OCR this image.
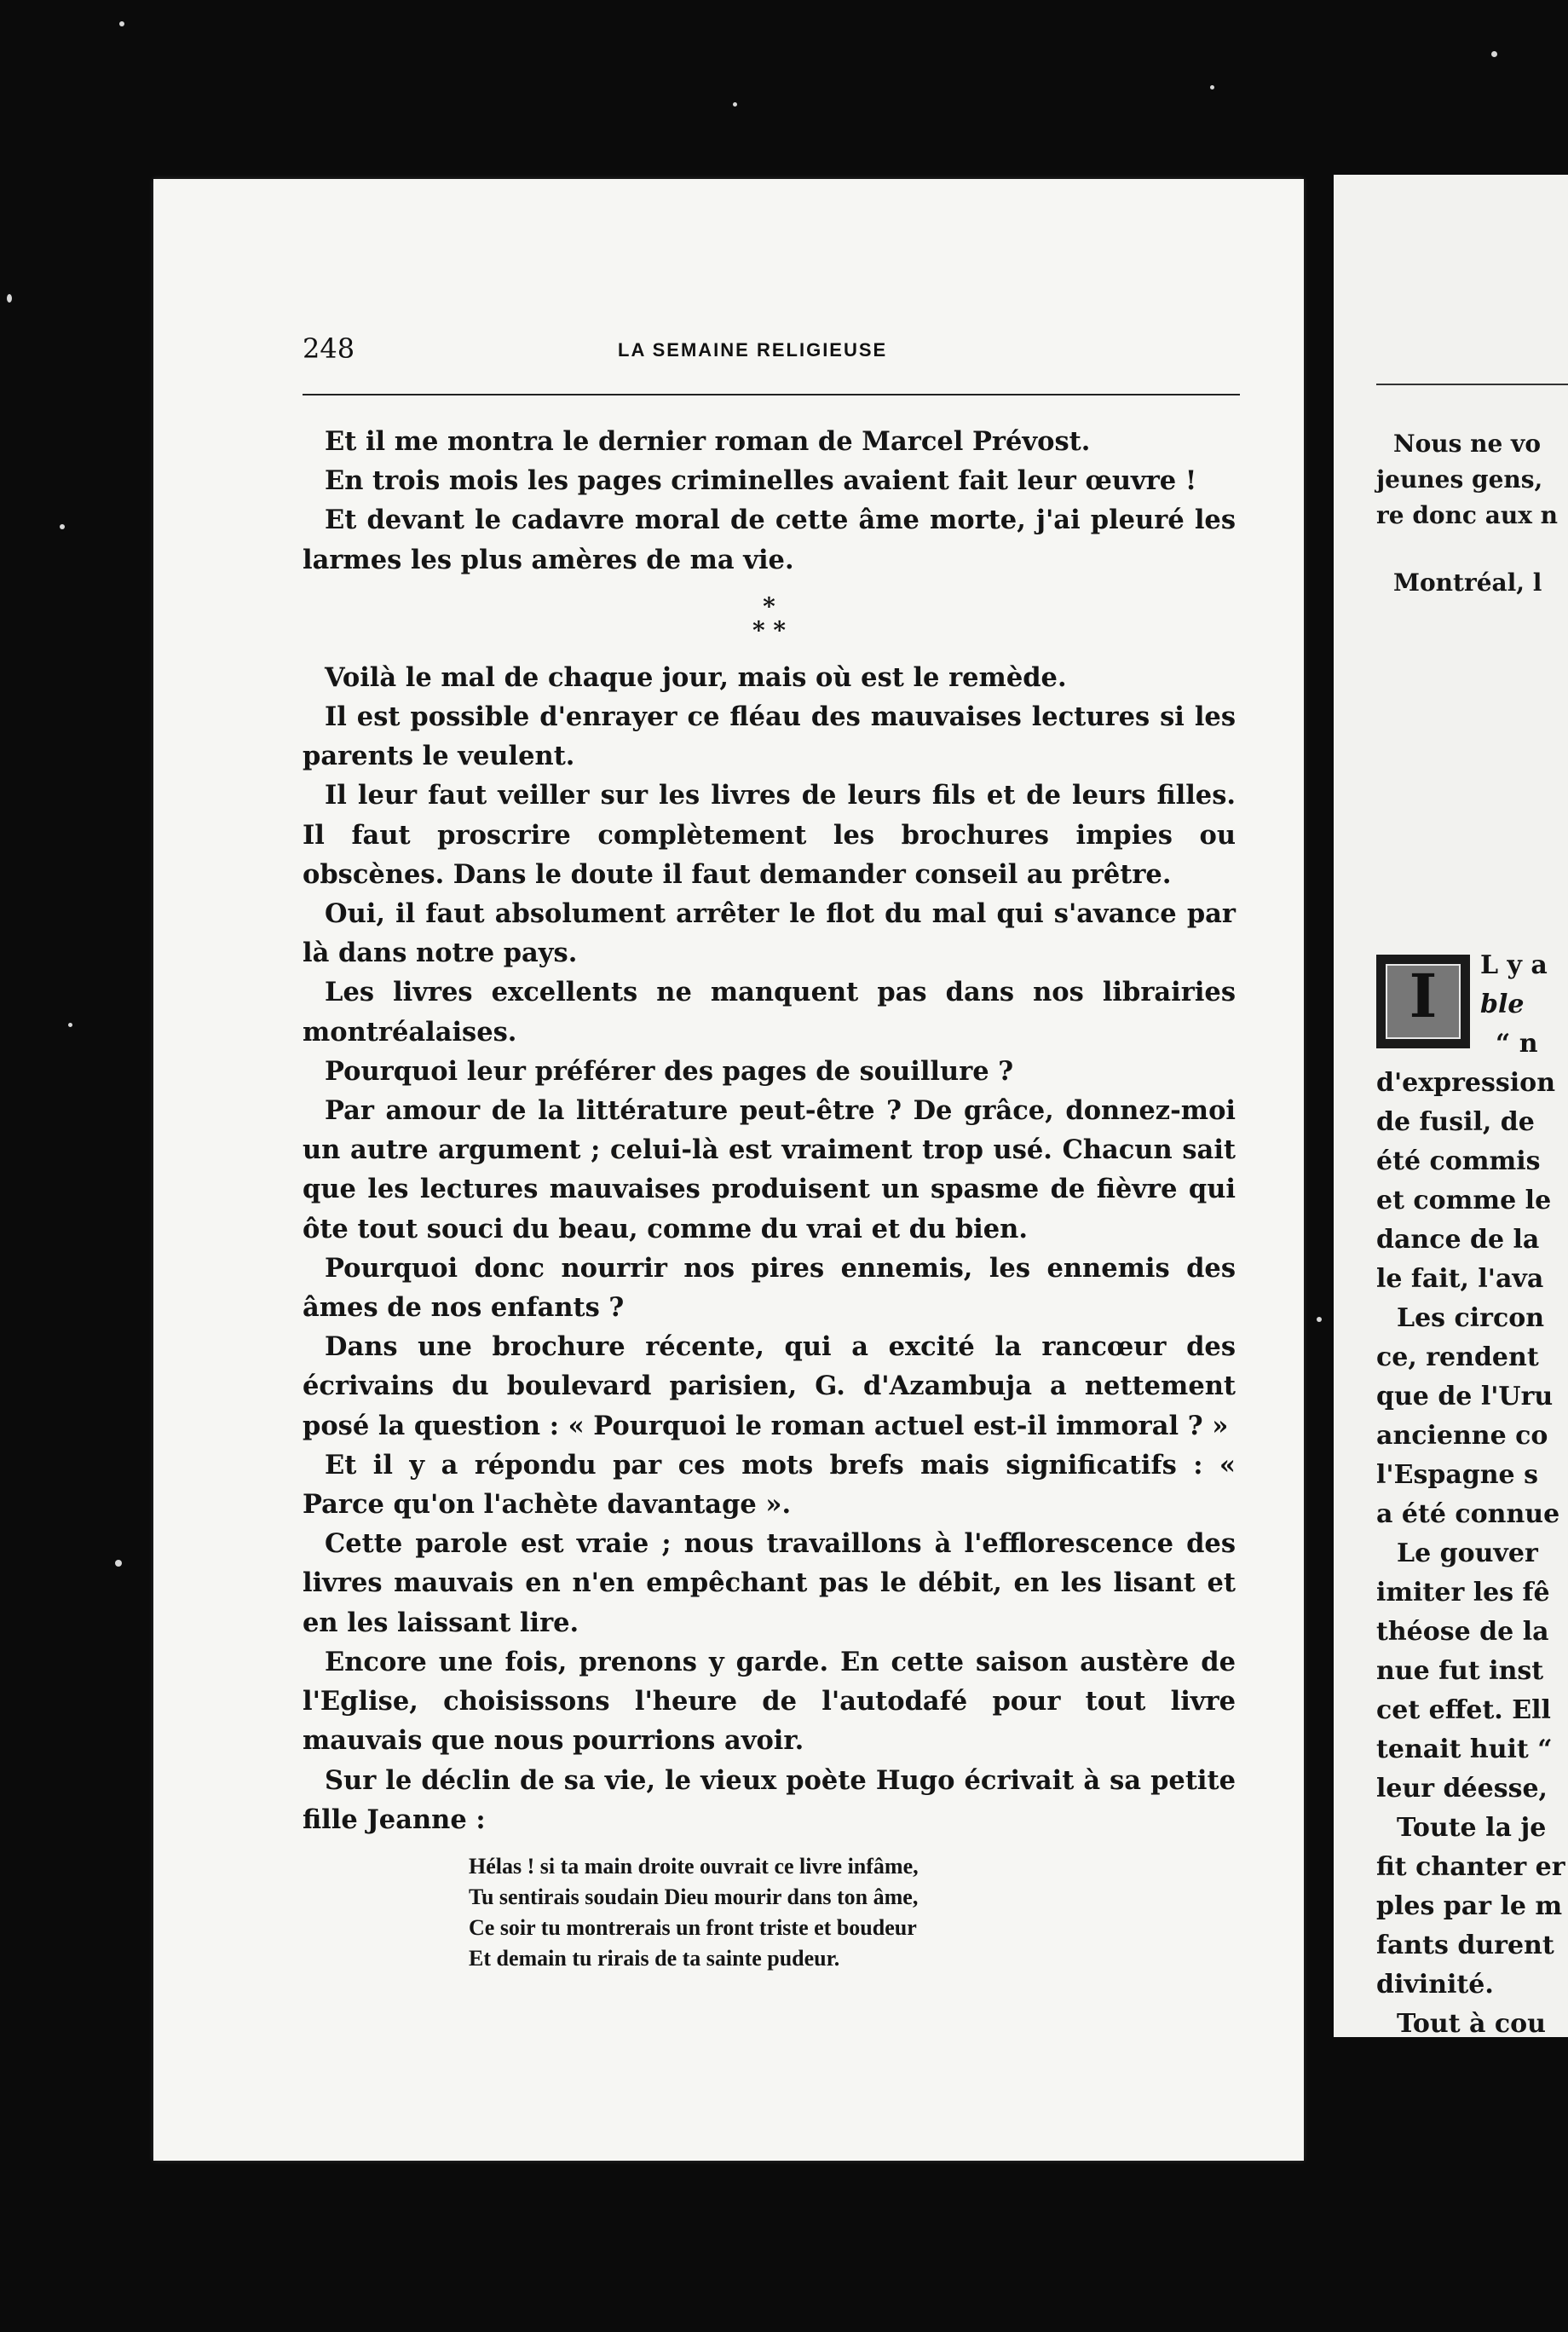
248	LA SEMAINE RELIGIEUSE

Et il me montra le dernier roman de Marcel Prévost.

En trois mois les pages criminelles avaient fait leur œuvre !

Et devant le cadavre moral de cette âme morte, j'ai pleuré les larmes les plus amères de ma vie.

*
* *

Voilà le mal de chaque jour, mais où est le remède.

Il est possible d'enrayer ce fléau des mauvaises lectures si les parents le veulent.

Il leur faut veiller sur les livres de leurs fils et de leurs filles. Il faut proscrire complètement les brochures impies ou obscènes. Dans le doute il faut demander conseil au prêtre.

Oui, il faut absolument arrêter le flot du mal qui s'avance par là dans notre pays.

Les livres excellents ne manquent pas dans nos librairies montréalaises.

Pourquoi leur préférer des pages de souillure ?

Par amour de la littérature peut-être ? De grâce, donnez-moi un autre argument ; celui-là est vraiment trop usé. Chacun sait que les lectures mauvaises produisent un spasme de fièvre qui ôte tout souci du beau, comme du vrai et du bien.

Pourquoi donc nourrir nos pires ennemis, les ennemis des âmes de nos enfants ?

Dans une brochure récente, qui a excité la rancœur des écrivains du boulevard parisien, G. d'Azambuja a nettement posé la question : « Pourquoi le roman actuel est-il immoral ? »

Et il y a répondu par ces mots brefs mais significatifs : « Parce qu'on l'achète davantage ».

Cette parole est vraie ; nous travaillons à l'efflorescence des livres mauvais en n'en empêchant pas le débit, en les lisant et en les laissant lire.

Encore une fois, prenons y garde. En cette saison austère de l'Eglise, choisissons l'heure de l'autodafé pour tout livre mauvais que nous pourrions avoir.

Sur le déclin de sa vie, le vieux poète Hugo écrivait à sa petite fille Jeanne :

Hélas ! si ta main droite ouvrait ce livre infâme,
Tu sentirais soudain Dieu mourir dans ton âme,
Ce soir tu montrerais un front triste et boudeur
Et demain tu rirais de ta sainte pudeur.
Nous ne vo
jeunes gens,
re donc aux n
Montréal, l
I	L y a
ble
“ n
d'expression
de fusil, de
été commis
et comme le
dance de la
le fait, l'ava
Les circon
ce, rendent
que de l'Uru
ancienne co
l'Espagne s
a été connue
Le gouver
imiter les fê
théose de la
nue fut inst
cet effet. Ell
tenait huit “
leur déesse,
Toute la je
fit chanter er
ples par le m
fants durent
divinité.
Tout à cou
